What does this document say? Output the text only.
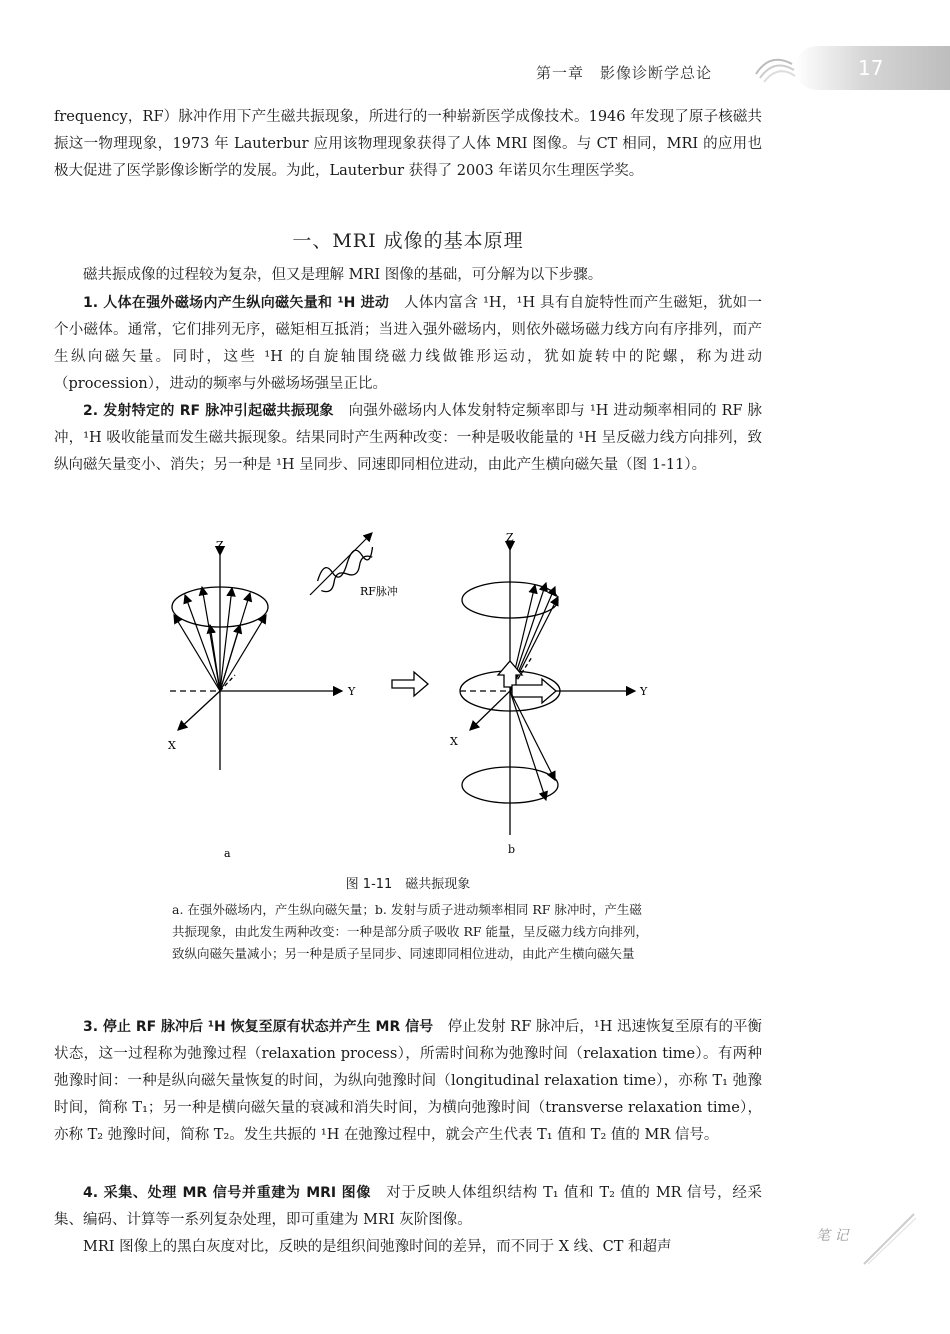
第一章　影像诊断学总论	17

frequency，RF）脉冲作用下产生磁共振现象，所进行的一种崭新医学成像技术。1946 年发现了原子核磁共振这一物理现象，1973 年 Lauterbur 应用该物理现象获得了人体 MRI 图像。与 CT 相同，MRI 的应用也极大促进了医学影像诊断学的发展。为此，Lauterbur 获得了 2003 年诺贝尔生理医学奖。

一、MRI 成像的基本原理

磁共振成像的过程较为复杂，但又是理解 MRI 图像的基础，可分解为以下步骤。

1. 人体在强外磁场内产生纵向磁矢量和 ¹H 进动　 人体内富含 ¹H，¹H 具有自旋特性而产生磁矩，犹如一个小磁体。通常，它们排列无序，磁矩相互抵消；当进入强外磁场内，则依外磁场磁力线方向有序排列，而产生纵向磁矢量。同时，这些 ¹H 的自旋轴围绕磁力线做锥形运动，犹如旋转中的陀螺，称为进动（procession），进动的频率与外磁场场强呈正比。

2. 发射特定的 RF 脉冲引起磁共振现象　 向强外磁场内人体发射特定频率即与 ¹H 进动频率相同的 RF 脉冲，¹H 吸收能量而发生磁共振现象。结果同时产生两种改变：一种是吸收能量的 ¹H 呈反磁力线方向排列，致纵向磁矢量变小、消失；另一种是 ¹H 呈同步、同速即同相位进动，由此产生横向磁矢量（图 1-11）。

Z
Y
X
a
RF脉冲
Z
Y
X
b
图 1-11　磁共振现象

a. 在强外磁场内，产生纵向磁矢量；b. 发射与质子进动频率相同 RF 脉冲时，产生磁共振现象，由此发生两种改变：一种是部分质子吸收 RF 能量，呈反磁力线方向排列，致纵向磁矢量减小；另一种是质子呈同步、同速即同相位进动，由此产生横向磁矢量

3. 停止 RF 脉冲后 ¹H 恢复至原有状态并产生 MR 信号　 停止发射 RF 脉冲后，¹H 迅速恢复至原有的平衡状态，这一过程称为弛豫过程（relaxation process），所需时间称为弛豫时间（relaxation time）。有两种弛豫时间：一种是纵向磁矢量恢复的时间，为纵向弛豫时间（longitudinal relaxation time），亦称 T₁ 弛豫时间，简称 T₁；另一种是横向磁矢量的衰减和消失时间，为横向弛豫时间（transverse relaxation time），亦称 T₂ 弛豫时间，简称 T₂。发生共振的 ¹H 在弛豫过程中，就会产生代表 T₁ 值和 T₂ 值的 MR 信号。

4. 采集、处理 MR 信号并重建为 MRI 图像　 对于反映人体组织结构 T₁ 值和 T₂ 值的 MR 信号，经采集、编码、计算等一系列复杂处理，即可重建为 MRI 灰阶图像。

MRI 图像上的黑白灰度对比，反映的是组织间弛豫时间的差异，而不同于 X 线、CT 和超声

笔 记
